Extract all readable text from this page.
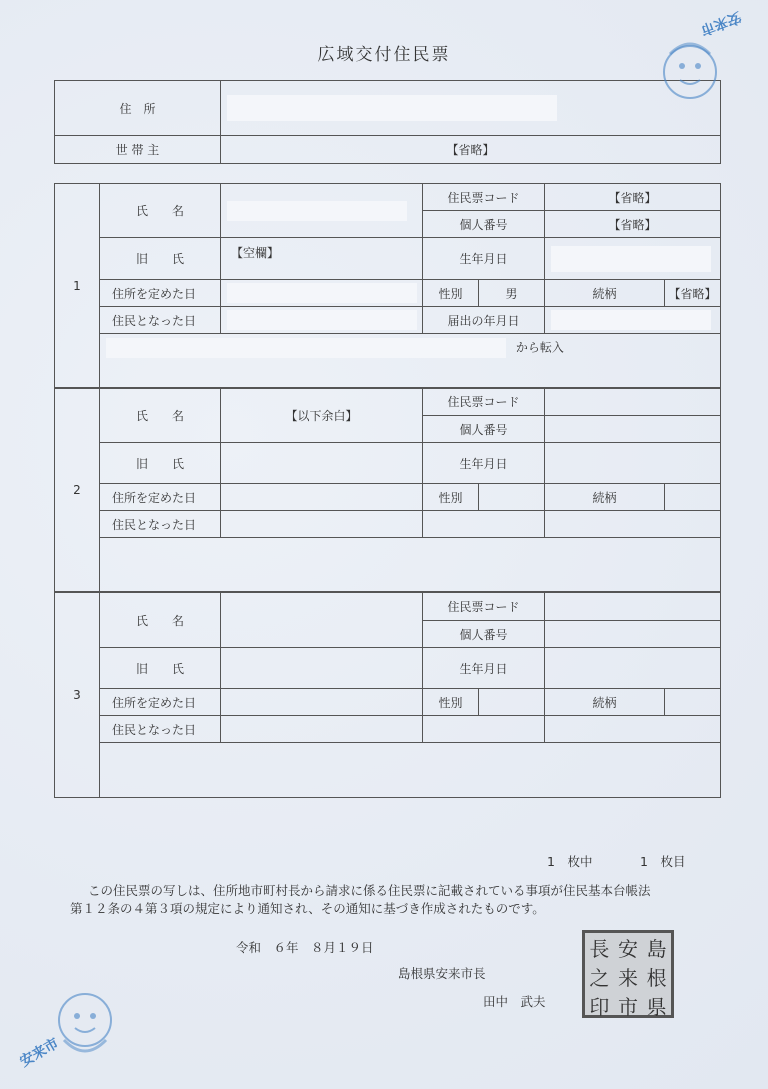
広域交付住民票
住　所	

世 帯 主	【省略】
1	氏　　名		住民票コード		【省略】	
			個人番号		【省略】	
	旧　　氏	【空欄】	生年月日			

	住所を定めた日		性別	男	続柄	【省略】
	住民となった日		届出の年月日			

	から転入					
2	氏　　名	【以下余白】	住民票コード			
			個人番号			
	旧　　氏		生年月日			
	住所を定めた日		性別		続柄	
	住民となった日					

3	氏　　名		住民票コード			
			個人番号			
	旧　　氏		生年月日			
	住所を定めた日		性別		続柄	
	住民となった日					

1　枚中	1　枚目
この住民票の写しは、住所地市町村長から請求に係る住民票に記載されている事項が住民基本台帳法
第１２条の４第３項の規定により通知され、その通知に基づき作成されたものです。
令和　６年　８月１９日
島根県安来市長
田中　武夫
長 安 島
之 来 根
印 市 県
安来市
安来市
